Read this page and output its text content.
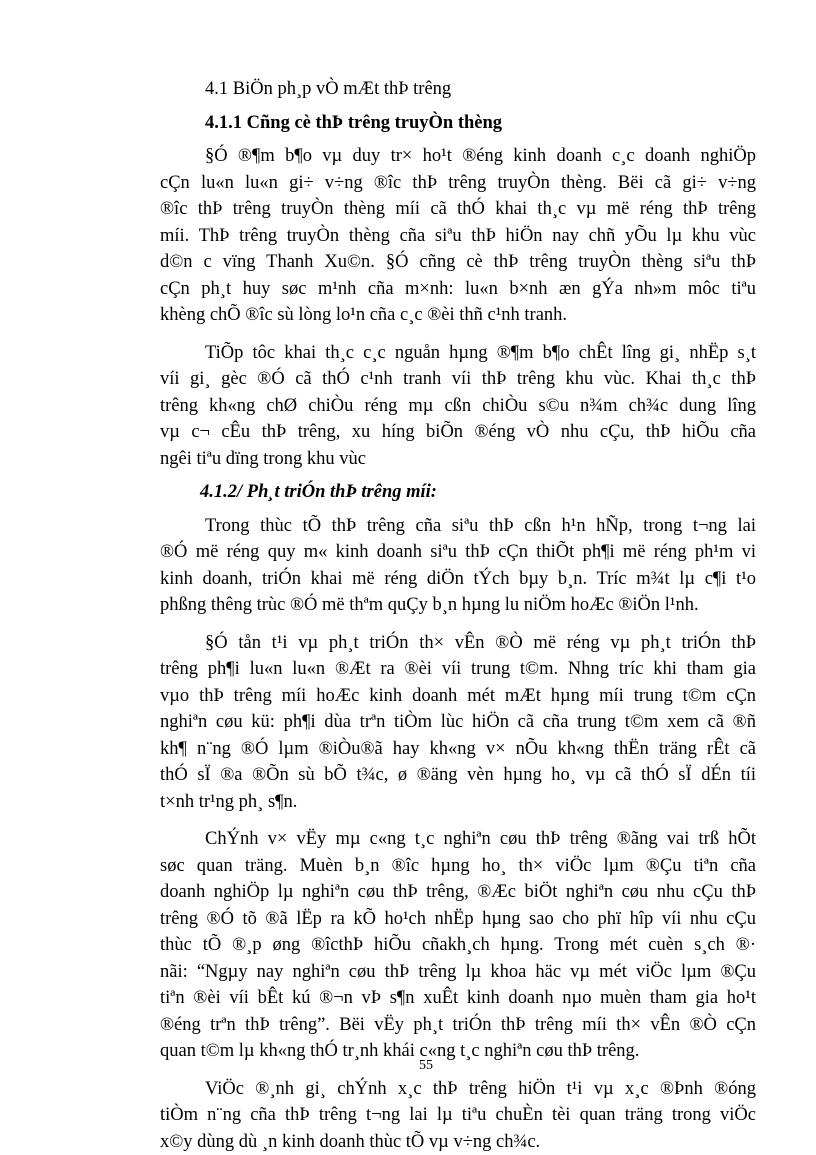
4.1 BiÖn ph¸p vÒ mÆt thÞ trêng
4.1.1 Cñng cè thÞ trêng truyÒn thèng
§Ó ®¶m b¶o vµ duy tr× ho¹t ®éng kinh doanh c¸c doanh nghiÖp
cÇn lu«n lu«n gi÷ v÷ng ®îc thÞ trêng truyÒn thèng. Bëi cã gi÷ v÷ng
®îc thÞ trêng truyÒn thèng míi cã thÓ khai th¸c vµ më réng thÞ trêng
míi. ThÞ trêng truyÒn thèng cña siªu thÞ hiÖn nay chñ yÕu lµ khu vùc
d©n c vïng Thanh Xu©n. §Ó cñng cè thÞ trêng truyÒn thèng siªu thÞ
cÇn ph¸t huy søc m¹nh cña m×nh: lu«n b×nh æn gÝa nh»m môc tiªu
khèng chÕ ®îc sù lòng lo¹n cña c¸c ®èi thñ c¹nh tranh.
TiÕp tôc khai th¸c c¸c nguån hµng ®¶m b¶o chÊt lîng gi¸ nhËp s¸t
víi gi¸ gèc ®Ó cã thÓ c¹nh tranh víi thÞ trêng khu vùc. Khai th¸c thÞ
trêng kh«ng chØ chiÒu réng mµ cßn chiÒu s©u n¾m ch¾c dung lîng
vµ c¬ cÊu thÞ trêng, xu híng biÕn ®éng vÒ nhu cÇu, thÞ hiÕu cña
ngêi tiªu dïng trong khu vùc
4.1.2/ Ph¸t triÓn thÞ trêng míi:
Trong thùc tÕ thÞ trêng cña siªu thÞ cßn h¹n hÑp, trong t¬ng lai
®Ó më réng quy m« kinh doanh siªu thÞ cÇn thiÕt ph¶i më réng ph¹m vi
kinh doanh, triÓn khai më réng diÖn tÝch bµy b¸n. Tríc m¾t lµ c¶i t¹o
phßng thêng trùc ®Ó më thªm quÇy b¸n hµng lu niÖm hoÆc ®iÖn l¹nh.
§Ó tån t¹i vµ ph¸t triÓn th× vÊn ®Ò më réng vµ ph¸t triÓn thÞ
trêng ph¶i lu«n lu«n ®Æt ra ®èi víi trung t©m. Nhng tríc khi tham gia
vµo thÞ trêng míi hoÆc kinh doanh mét mÆt hµng míi trung t©m cÇn
nghiªn cøu kü: ph¶i dùa trªn tiÒm lùc hiÖn cã cña trung t©m xem cã ®ñ
kh¶ n¨ng ®Ó lµm ®iÒu®ã hay kh«ng v× nÕu kh«ng thËn träng rÊt cã
thÓ sÏ ®a ®Õn sù bÕ t¾c, ø ®äng vèn hµng ho¸ vµ cã thÓ sÏ dÉn tíi
t×nh tr¹ng ph¸ s¶n.
ChÝnh v× vËy mµ c«ng t¸c nghiªn cøu thÞ trêng ®ãng vai trß hÕt
søc quan träng. Muèn b¸n ®îc hµng ho¸ th× viÖc lµm ®Çu tiªn cña
doanh nghiÖp lµ nghiªn cøu thÞ trêng, ®Æc biÖt nghiªn cøu nhu cÇu thÞ
trêng ®Ó tõ ®ã lËp ra kÕ ho¹ch nhËp hµng sao cho phï hîp víi nhu cÇu
thùc tÕ ®¸p øng ®îcthÞ hiÕu cñakh¸ch hµng. Trong mét cuèn s¸ch ®·
nãi: “Ngµy nay nghiªn cøu thÞ trêng lµ khoa häc vµ mét viÖc lµm ®Çu
tiªn ®èi víi bÊt kú ®¬n vÞ s¶n xuÊt kinh doanh nµo muèn tham gia ho¹t
®éng trªn thÞ trêng”. Bëi vËy ph¸t triÓn thÞ trêng míi th× vÊn ®Ò cÇn
quan t©m lµ kh«ng thÓ tr¸nh khái c«ng t¸c nghiªn cøu thÞ trêng.
ViÖc ®¸nh gi¸ chÝnh x¸c thÞ trêng hiÖn t¹i vµ x¸c ®Þnh ®óng
tiÒm n¨ng cña thÞ trêng t¬ng lai lµ tiªu chuÈn tèi quan träng trong viÖc
x©y dùng dù ¸n kinh doanh thùc tÕ vµ v÷ng ch¾c.
55
